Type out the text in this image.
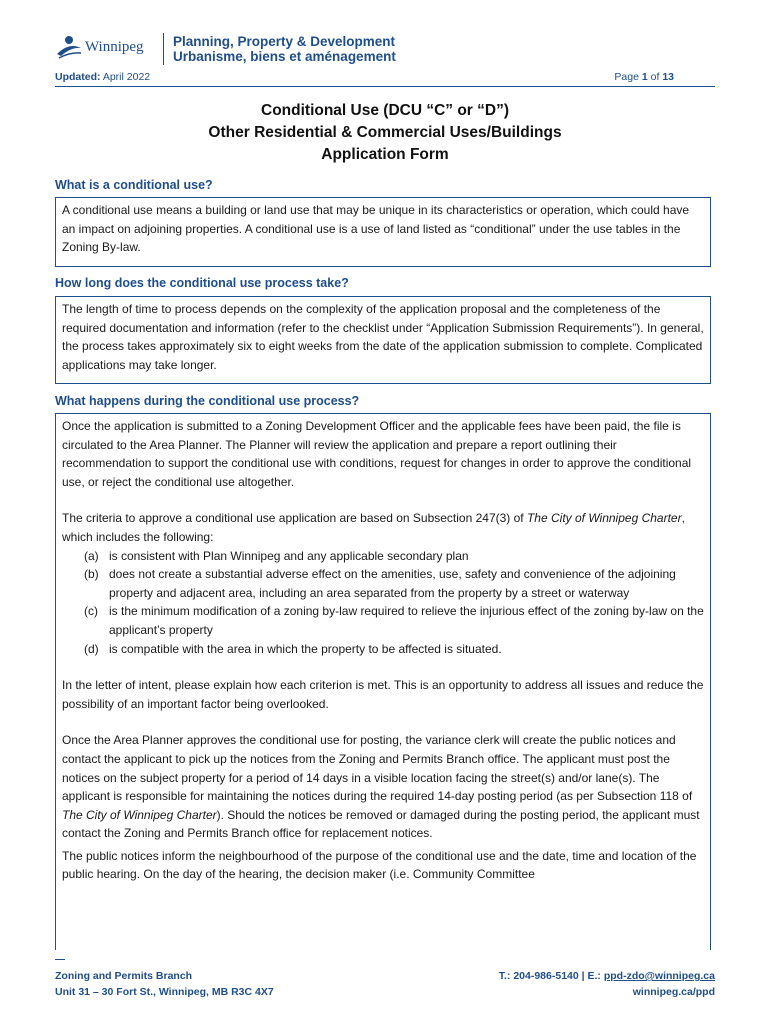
Winnipeg Planning, Property & Development
Urbanisme, biens et aménagement
Updated: April 2022	Page 1 of 13
Conditional Use (DCU “C” or “D”)
Other Residential & Commercial Uses/Buildings
Application Form
What is a conditional use?

A conditional use means a building or land use that may be unique in its characteristics or operation, which could have an impact on adjoining properties. A conditional use is a use of land listed as “conditional” under the use tables in the Zoning By-law.

How long does the conditional use process take?

The length of time to process depends on the complexity of the application proposal and the completeness of the required documentation and information (refer to the checklist under “Application Submission Requirements”). In general, the process takes approximately six to eight weeks from the date of the application submission to complete. Complicated applications may take longer.

What happens during the conditional use process?

Once the application is submitted to a Zoning Development Officer and the applicable fees have been paid, the file is circulated to the Area Planner. The Planner will review the application and prepare a report outlining their recommendation to support the conditional use with conditions, request for changes in order to approve the conditional use, or reject the conditional use altogether.

The criteria to approve a conditional use application are based on Subsection 247(3) of The City of Winnipeg Charter, which includes the following:

(a) is consistent with Plan Winnipeg and any applicable secondary plan
(b) does not create a substantial adverse effect on the amenities, use, safety and convenience of the adjoining property and adjacent area, including an area separated from the property by a street or waterway
(c) is the minimum modification of a zoning by-law required to relieve the injurious effect of the zoning by-law on the applicant’s property
(d) is compatible with the area in which the property to be affected is situated.

In the letter of intent, please explain how each criterion is met. This is an opportunity to address all issues and reduce the possibility of an important factor being overlooked.

Once the Area Planner approves the conditional use for posting, the variance clerk will create the public notices and contact the applicant to pick up the notices from the Zoning and Permits Branch office. The applicant must post the notices on the subject property for a period of 14 days in a visible location facing the street(s) and/or lane(s). The applicant is responsible for maintaining the notices during the required 14-day posting period (as per Subsection 118 of The City of Winnipeg Charter). Should the notices be removed or damaged during the posting period, the applicant must contact the Zoning and Permits Branch office for replacement notices.

The public notices inform the neighbourhood of the purpose of the conditional use and the date, time and location of the public hearing. On the day of the hearing, the decision maker (i.e. Community Committee

Zoning and Permits Branch
Unit 31 – 30 Fort St., Winnipeg, MB R3C 4X7
T.: 204-986-5140 | E.: ppd-zdo@winnipeg.ca
winnipeg.ca/ppd
